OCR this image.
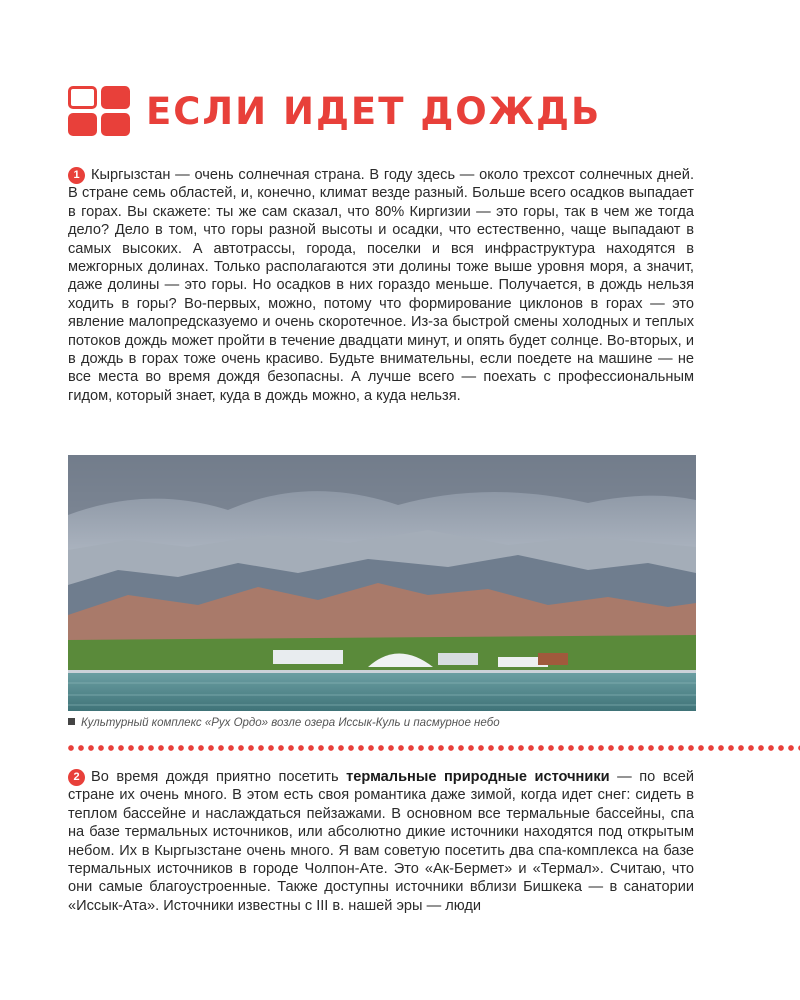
ЕСЛИ ИДЕТ ДОЖДЬ

1 Кыргызстан — очень солнечная страна. В году здесь — около трехсот солнечных дней. В стране семь областей, и, конечно, климат везде разный. Больше всего осадков выпадает в горах. Вы скажете: ты же сам сказал, что 80% Киргизии — это горы, так в чем же тогда дело? Дело в том, что горы разной высоты и осадки, что естественно, чаще выпадают в самых высоких. А автотрассы, города, поселки и вся инфраструктура находятся в межгорных долинах. Только располагаются эти долины тоже выше уровня моря, а значит, даже долины — это горы. Но осадков в них гораздо меньше. Получается, в дождь нельзя ходить в горы? Во-первых, можно, потому что формирование циклонов в горах — это явление малопредсказуемо и очень скоротечное. Из-за быстрой смены холодных и теплых потоков дождь может пройти в течение двадцати минут, и опять будет солнце. Во-вторых, и в дождь в горах тоже очень красиво. Будьте внимательны, если поедете на машине — не все места во время дождя безопасны. А лучше всего — поехать с профессиональным гидом, который знает, куда в дождь можно, а куда нельзя.

Культурный комплекс «Рух Ордо» возле озера Иссык-Куль и пасмурное небо

2 Во время дождя приятно посетить термальные природные источники — по всей стране их очень много. В этом есть своя романтика даже зимой, когда идет снег: сидеть в теплом бассейне и наслаждаться пейзажами. В основном все термальные бассейны, спа на базе термальных источников, или абсолютно дикие источники находятся под открытым небом. Их в Кыргызстане очень много. Я вам советую посетить два спа-комплекса на базе термальных источников в городе Чолпон-Ате. Это «Ак-Бермет» и «Термал». Считаю, что они самые благоустроенные. Также доступны источники вблизи Бишкека — в санатории «Иссык-Ата». Источники известны с III в. нашей эры — люди
